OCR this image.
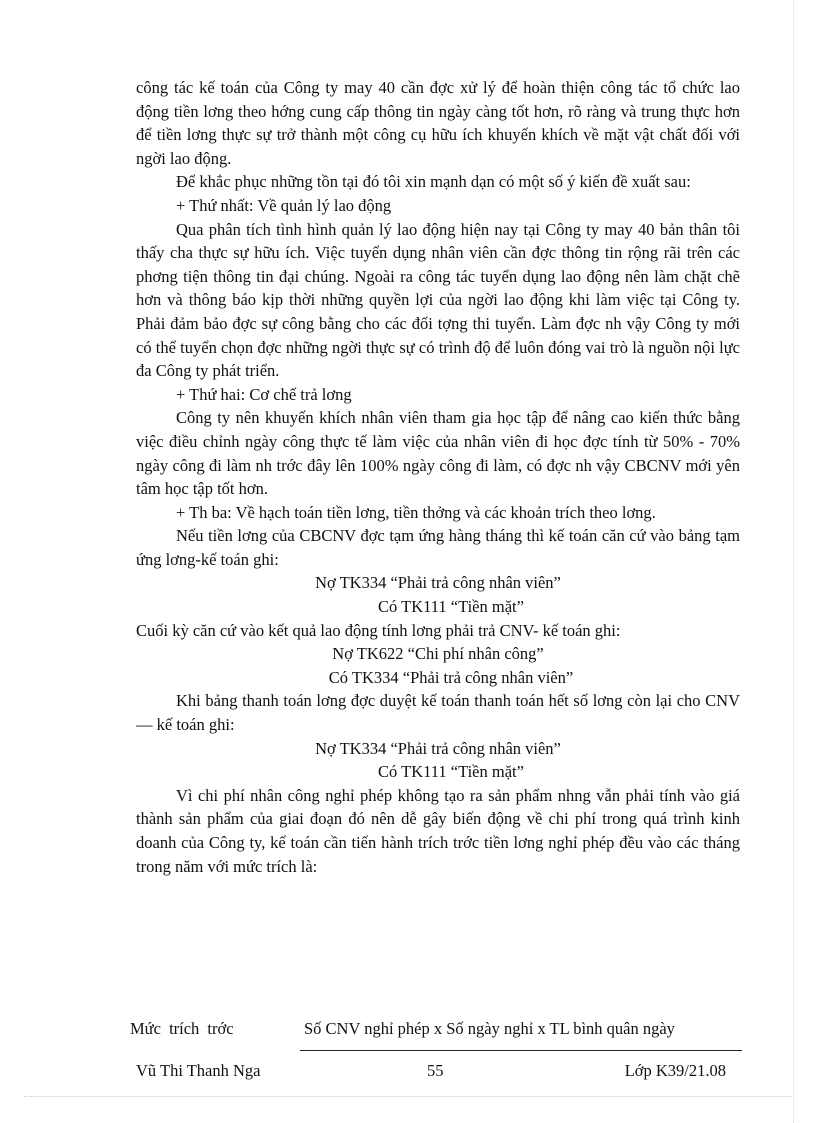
công tác kế toán của Công ty may 40 cần đợc xử lý để hoàn thiện công tác tổ chức lao động tiền lơng theo hớng cung cấp thông tin ngày càng tốt hơn, rõ ràng và trung thực hơn để tiền lơng thực sự trở thành một công cụ hữu ích khuyến khích về mặt vật chất đối với ngời lao động.

Để khắc phục những tồn tại đó tôi xin mạnh dạn có một số ý kiến đề xuất sau:

+ Thứ nhất: Về quản lý lao động

Qua phân tích tình hình quản lý lao động hiện nay tại Công ty may 40 bản thân tôi thấy cha thực sự hữu ích. Việc tuyển dụng nhân viên cần đợc thông tin rộng rãi trên các phơng tiện thông tin đại chúng. Ngoài ra công tác tuyển dụng lao động nên làm chặt chẽ hơn và thông báo kịp thời những quyền lợi của ngời lao động khi làm việc tại Công ty. Phải đảm bảo đợc sự công bằng cho các đối tợng thi tuyển. Làm đợc nh vậy Công ty mới có thể tuyển chọn đợc những ngời thực sự có trình độ để luôn đóng vai trò là nguồn nội lực đa Công ty phát triển.

+ Thứ hai: Cơ chế trả lơng

Công ty nên khuyến khích nhân viên tham gia học tập để nâng cao kiến thức bằng việc điều chỉnh ngày công thực tế làm việc của nhân viên đi học đợc tính từ 50% - 70% ngày công đi làm nh trớc đây lên 100% ngày công đi làm, có đợc nh vậy CBCNV mới yên tâm học tập tốt hơn.

+ Th ba: Về hạch toán tiền lơng, tiền thởng và các khoản trích theo lơng.

Nếu tiền lơng của CBCNV đợc tạm ứng hàng tháng thì kế toán căn cứ vào bảng tạm ứng lơng-kế toán ghi:

Nợ TK334 “Phải trả công nhân viên”

Có TK111 “Tiền mặt”

Cuối kỳ căn cứ vào kết quả lao động tính lơng phải trả CNV- kế toán ghi:

Nợ TK622 “Chi phí nhân công”

Có TK334 “Phải trả công nhân viên”

Khi bảng thanh toán lơng đợc duyệt kế toán thanh toán hết số lơng còn lại cho CNV — kế toán ghi:

Nợ TK334 “Phải trả công nhân viên”

Có TK111 “Tiền mặt”

Vì chi phí nhân công nghỉ phép không tạo ra sản phẩm nhng vẫn phải tính vào giá thành sản phẩm của giai đoạn đó nên dễ gây biến động về chi phí trong quá trình kinh doanh của Công ty, kế toán cần tiến hành trích trớc tiền lơng nghỉ phép đều vào các tháng trong năm với mức trích là:

Mức trích trớc	Số CNV nghỉ phép x Số ngày nghỉ x TL bình quân ngày
Vũ Thi Thanh Nga	55	Lớp K39/21.08
